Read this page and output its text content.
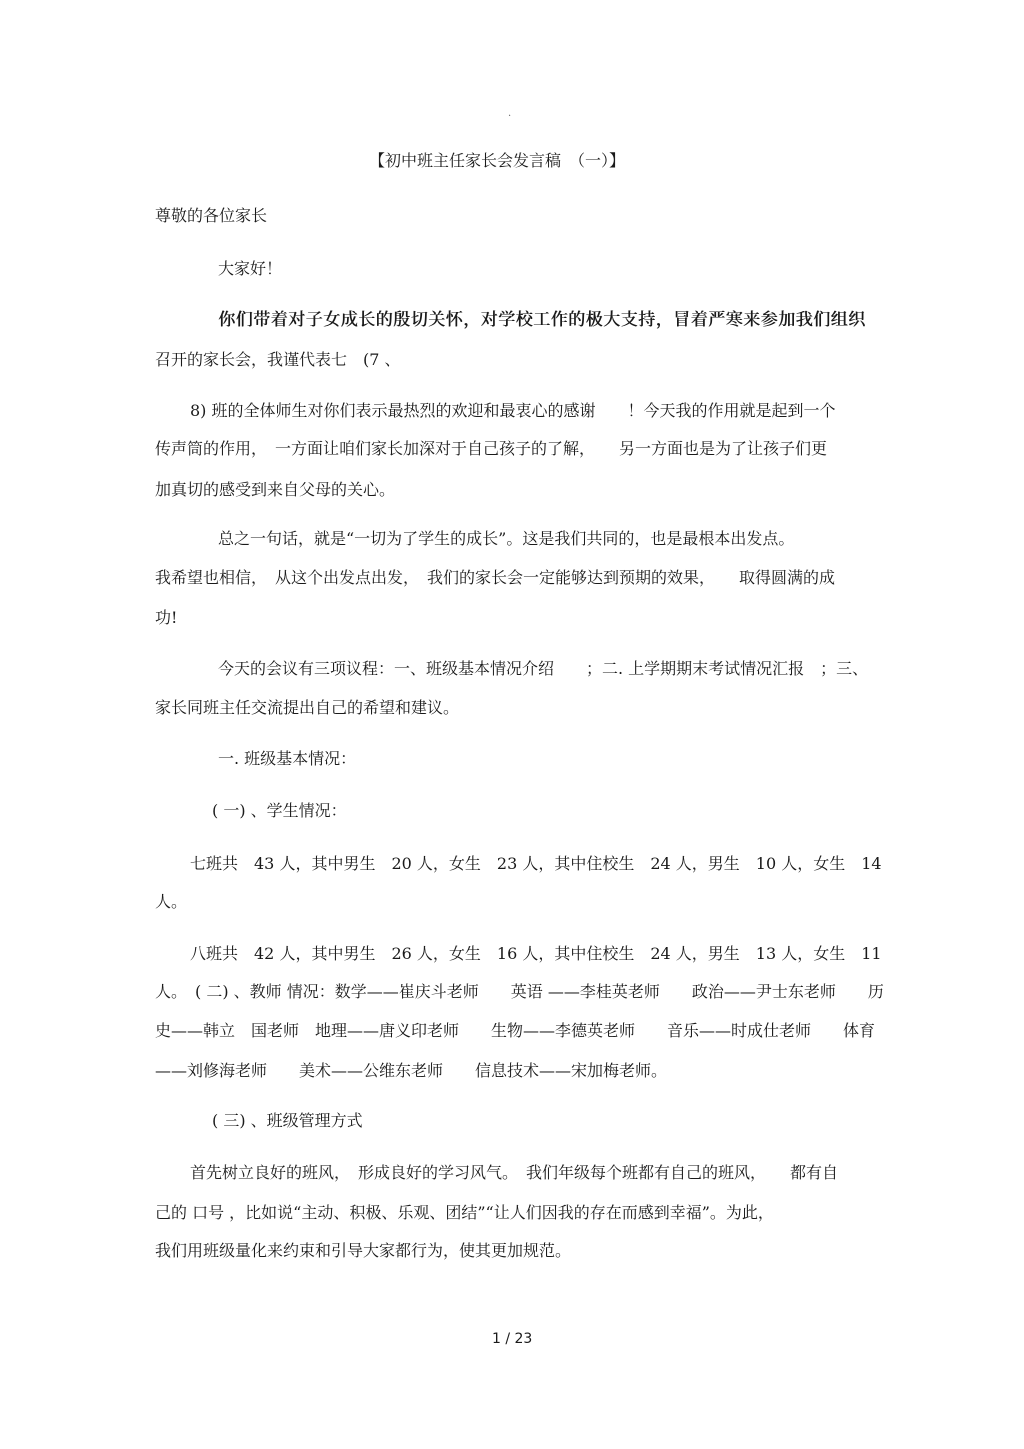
.
【初中班主任家长会发言稿　（一）】
尊敬的各位家长
大家好！
你们带着对子女成长的殷切关怀，对学校工作的极大支持，冒着严寒来参加我们组织
召开的家长会，我谨代表七　(7 、
8) 班的全体师生对你们表示最热烈的欢迎和最衷心的感谢　　！今天我的作用就是起到一个
传声筒的作用，　一方面让咱们家长加深对于自己孩子的了解，　　另一方面也是为了让孩子们更
加真切的感受到来自父母的关心。
总之一句话，就是“一切为了学生的成长”。这是我们共同的，也是最根本出发点。
我希望也相信，　从这个出发点出发，　我们的家长会一定能够达到预期的效果，　　取得圆满的成
功!
今天的会议有三项议程：一、班级基本情况介绍　　；二. 上学期期末考试情况汇报　；三、
家长同班主任交流提出自己的希望和建议。
一. 班级基本情况：
( 一) 、学生情况：
七班共　43 人，其中男生　20 人，女生　23 人，其中住校生　24 人，男生　10 人，女生　14
人。
八班共　42 人，其中男生　26 人，女生　16 人，其中住校生　24 人，男生　13 人，女生　11
人。　( 二) 、教师 情况：数学——崔庆斗老师　　英语 ——李桂英老师　　政治——尹士东老师　　历
史——韩立　国老师　地理——唐义印老师　　生物——李德英老师　　音乐——时成仕老师　　体育
——刘修海老师　　美术——公维东老师　　信息技术——宋加梅老师。
( 三) 、班级管理方式
首先树立良好的班风，　形成良好的学习风气。　我们年级每个班都有自己的班风，　　都有自
己的 口号 ，比如说“主动、积极、乐观、团结”“让人们因我的存在而感到幸福”。为此，
我们用班级量化来约束和引导大家都行为，使其更加规范。
1 / 23
